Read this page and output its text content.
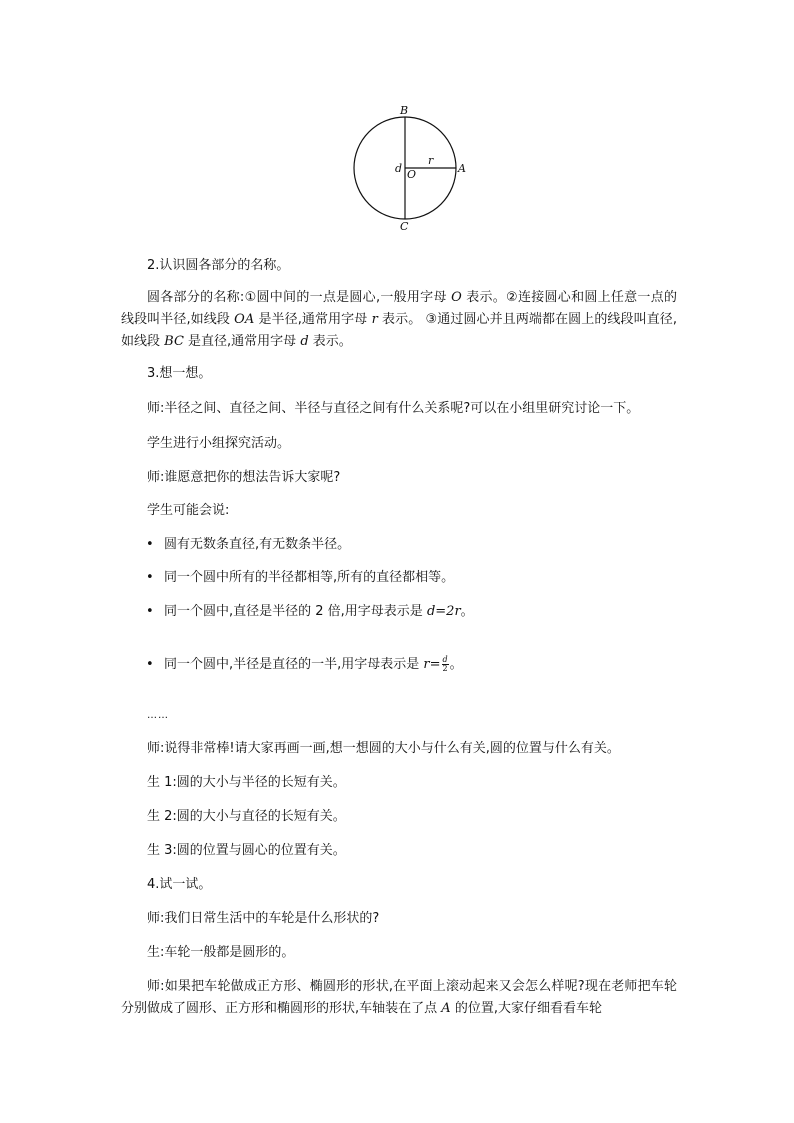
B
C
A
O
r
d
2.认识圆各部分的名称。
圆各部分的名称:①圆中间的一点是圆心,一般用字母 O 表示。②连接圆心和圆上任意一点的线段叫半径,如线段 OA 是半径,通常用字母 r 表示。 ③通过圆心并且两端都在圆上的线段叫直径,如线段 BC 是直径,通常用字母 d 表示。
3.想一想。
师:半径之间、直径之间、半径与直径之间有什么关系呢?可以在小组里研究讨论一下。
学生进行小组探究活动。
师:谁愿意把你的想法告诉大家呢?
学生可能会说:
• 圆有无数条直径,有无数条半径。
• 同一个圆中所有的半径都相等,所有的直径都相等。
• 同一个圆中,直径是半径的 2 倍,用字母表示是 d=2r。
• 同一个圆中,半径是直径的一半,用字母表示是 $r= \frac{d}{2}$ 。
……
师:说得非常棒!请大家再画一画,想一想圆的大小与什么有关,圆的位置与什么有关。
生 1:圆的大小与半径的长短有关。
生 2:圆的大小与直径的长短有关。
生 3:圆的位置与圆心的位置有关。
4.试一试。
师:我们日常生活中的车轮是什么形状的?
生:车轮一般都是圆形的。
师:如果把车轮做成正方形、椭圆形的形状,在平面上滚动起来又会怎么样呢?现在老师把车轮分别做成了圆形、正方形和椭圆形的形状,车轴装在了点 A 的位置,大家仔细看看车轮
